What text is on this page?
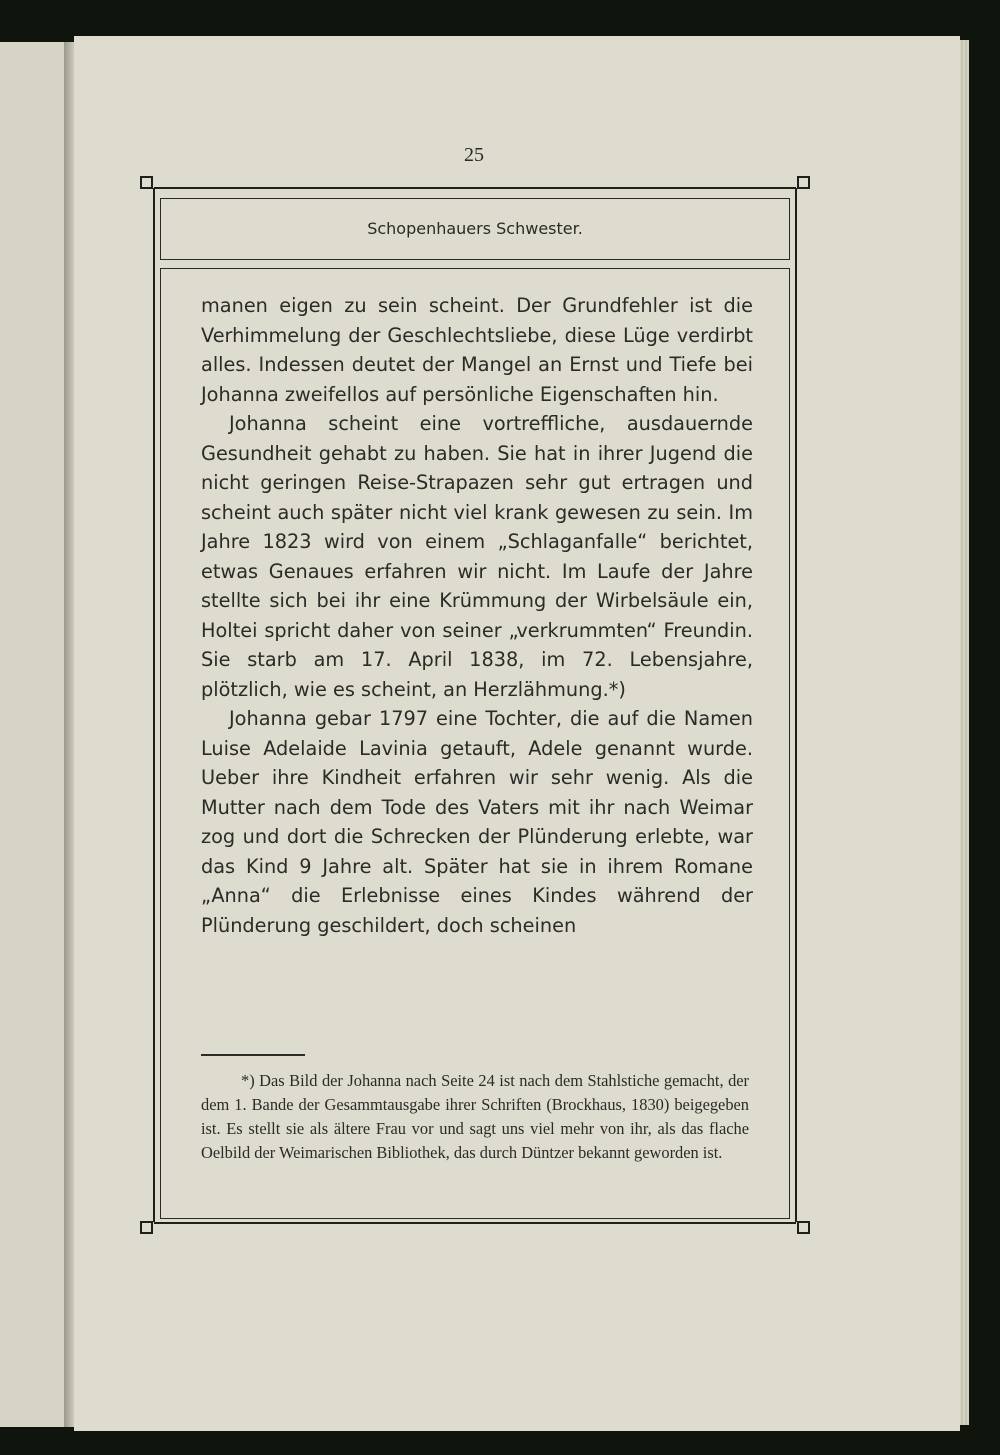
25
Schopenhauers Schwester.

manen eigen zu sein scheint. Der Grundfehler ist die Verhimmelung der Geschlechtsliebe, diese Lüge verdirbt alles. Indessen deutet der Mangel an Ernst und Tiefe bei Johanna zweifellos auf persönliche Eigenschaften hin.

Johanna scheint eine vortreffliche, ausdauernde Gesundheit gehabt zu haben. Sie hat in ihrer Jugend die nicht geringen Reise-Strapazen sehr gut ertragen und scheint auch später nicht viel krank gewesen zu sein. Im Jahre 1823 wird von einem „Schlaganfalle“ berichtet, etwas Genaues erfahren wir nicht. Im Laufe der Jahre stellte sich bei ihr eine Krümmung der Wirbelsäule ein, Holtei spricht daher von seiner „verkrummten“ Freundin. Sie starb am 17. April 1838, im 72. Lebensjahre, plötzlich, wie es scheint, an Herzlähmung.*)

Johanna gebar 1797 eine Tochter, die auf die Namen Luise Adelaide Lavinia getauft, Adele genannt wurde. Ueber ihre Kindheit erfahren wir sehr wenig. Als die Mutter nach dem Tode des Vaters mit ihr nach Weimar zog und dort die Schrecken der Plünderung erlebte, war das Kind 9 Jahre alt. Später hat sie in ihrem Romane „Anna“ die Erlebnisse eines Kindes während der Plünderung geschildert, doch scheinen

*) Das Bild der Johanna nach Seite 24 ist nach dem Stahlstiche gemacht, der dem 1. Bande der Gesammtausgabe ihrer Schriften (Brockhaus, 1830) beigegeben ist. Es stellt sie als ältere Frau vor und sagt uns viel mehr von ihr, als das flache Oelbild der Weimarischen Bibliothek, das durch Düntzer bekannt geworden ist.
